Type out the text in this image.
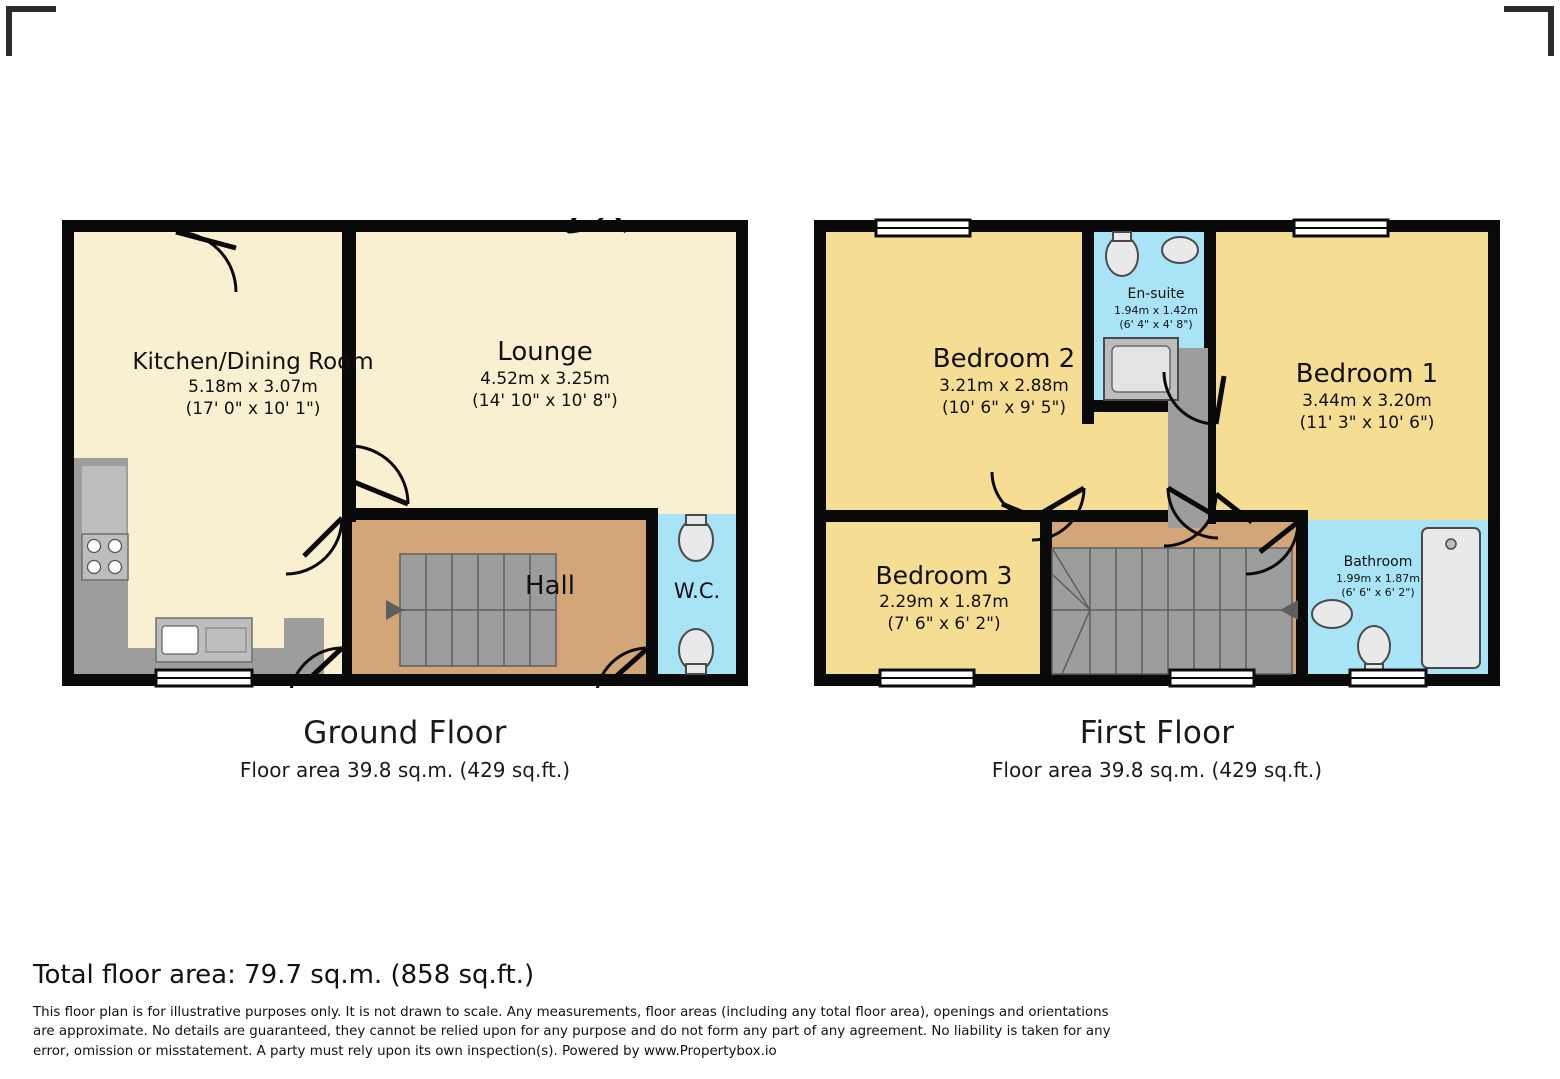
Kitchen/Dining Room
5.18m x 3.07m
(17' 0" x 10' 1")
Lounge
4.52m x 3.25m
(14' 10" x 10' 8")
Hall	W.C.
Ground Floor
Floor area 39.8 sq.m. (429 sq.ft.)
Bedroom 2
3.21m x 2.88m
(10' 6" x 9' 5")
Bedroom 1
3.44m x 3.20m
(11' 3" x 10' 6")
Bedroom 3
2.29m x 1.87m
(7' 6" x 6' 2")
En-suite
1.94m x 1.42m
(6' 4" x 4' 8")
Bathroom
1.99m x 1.87m
(6' 6" x 6' 2")
First Floor
Floor area 39.8 sq.m. (429 sq.ft.)
Total floor area: 79.7 sq.m. (858 sq.ft.)
This floor plan is for illustrative purposes only. It is not drawn to scale. Any measurements, floor areas (including any total floor area), openings and orientations are approximate. No details are guaranteed, they cannot be relied upon for any purpose and do not form any part of any agreement. No liability is taken for any error, omission or misstatement. A party must rely upon its own inspection(s). Powered by www.Propertybox.io
